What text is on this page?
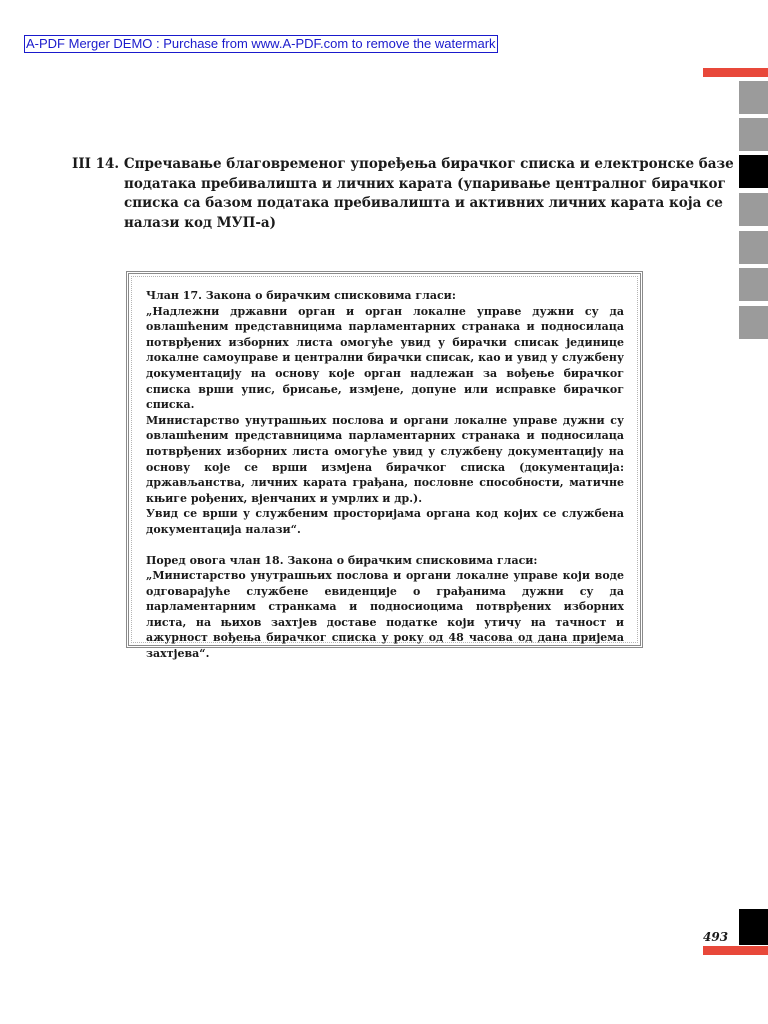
A-PDF Merger DEMO : Purchase from www.A-PDF.com to remove the watermark
III 14. Спречавање благовременог упоређења бирачког списка и електронске базе
података пребивалишта и личних карата (упаривање централног бирачког
списка са базом података пребивалишта и активних личних карата која се
налази код МУП-а)

Члан 17. Закона о бирачким списковима гласи:

„Надлежни државни орган и орган локалне управе дужни су да овлашћеним представницима парламентарних странака и подносилаца потврђених изборних листа омогуће увид у бирачки списак јединице локалне самоуправе и централни бирачки списак, као и увид у службену документацију на основу које орган надлежан за вођење бирачког списка врши упис, брисање, измјене, допуне или исправке бирачког списка.

Министарство унутрашњих послова и органи локалне управе дужни су овлашћеним представницима парламентарних странака и подносилаца потврђених изборних листа омогуће увид у службену документацију на основу које се врши измјена бирачког списка (документација: држављанства, личних карата грађана, пословне способности, матичне књиге рођених, вјенчаних и умрлих и др.).

Увид се врши у службеним просторијама органа код којих се службена документација налази“.

Поред овога члан 18. Закона о бирачким списковима гласи:

„Министарство унутрашњих послова и органи локалне управе који воде одговарајуће службене евиденције о грађанима дужни су да парламентарним странкама и подносиоцима потврђених изборних листа, на њихов захтјев доставе податке који утичу на тачност и ажурност вођења бирачког списка у року од 48 часова од дана пријема захтјева“.

493
